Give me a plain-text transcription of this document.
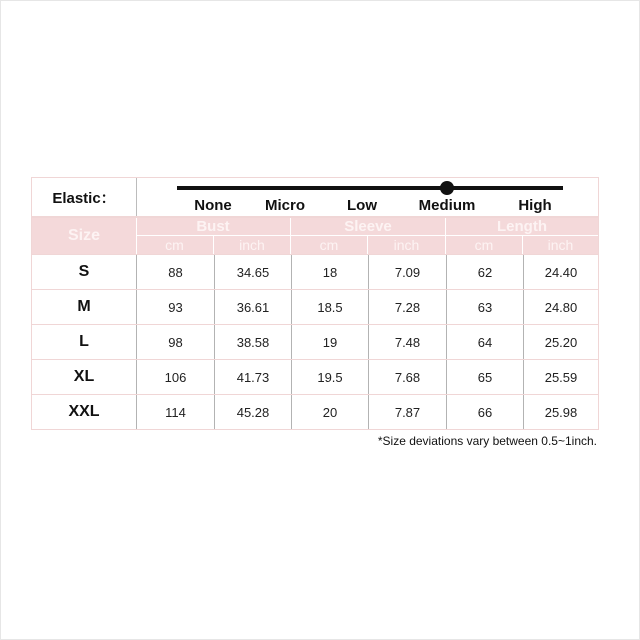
Elastic：	None Micro	Low	Medium	High
Size
Bust	Sleeve	Length
cm	inch	cm	inch	cm	inch
S	88	34.65	18	7.09	62	24.40
M	93	36.61	18.5	7.28	63	24.80
L	98	38.58	19	7.48	64	25.20
XL	106	41.73	19.5	7.68	65	25.59
XXL	114	45.28	20	7.87	66	25.98
*Size deviations vary between 0.5~1inch.
